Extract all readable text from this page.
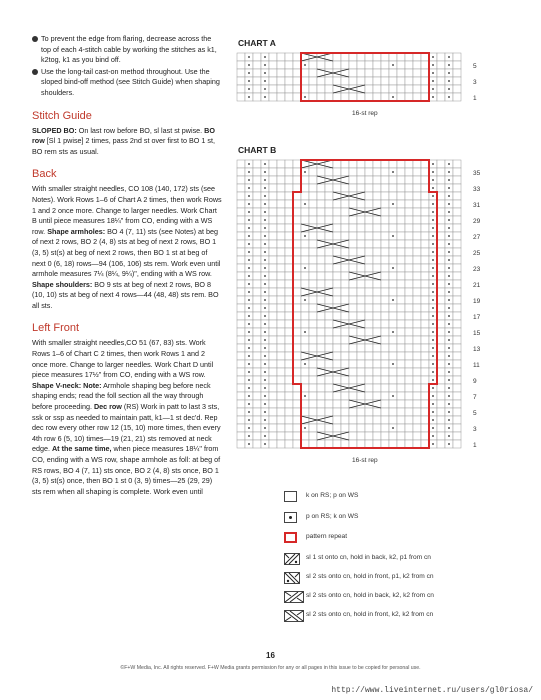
To prevent the edge from flaring, decrease across the top of each 4-stitch cable by working the stitches as k1, k2tog, k1 as you bind off.
Use the long-tail cast-on method throughout. Use the sloped bind-off method (see Stitch Guide) when shaping shoulders.
Stitch Guide

SLOPED BO: On last row before BO, sl last st pwise. BO row [Sl 1 pwise] 2 times, pass 2nd st over first to BO 1 st, BO rem sts as usual.

Back

With smaller straight needles, CO 108 (140, 172) sts (see Notes). Work Rows 1–6 of Chart A 2 times, then work Rows 1 and 2 once more. Change to larger needles. Work Chart B until piece measures 18¼" from CO, ending with a WS row. Shape armholes: BO 4 (7, 11) sts (see Notes) at beg of next 2 rows, BO 2 (4, 8) sts at beg of next 2 rows, BO 1 (3, 5) st(s) at beg of next 2 rows, then BO 1 st at beg of next 0 (6, 18) rows—94 (106, 106) sts rem. Work even until armhole measures 7¼ (8¼, 9¼)", ending with a WS row. Shape shoulders: BO 9 sts at beg of next 2 rows, BO 8 (10, 10) sts at beg of next 4 rows—44 (48, 48) sts rem. BO all sts.

Left Front

With smaller straight needles,CO 51 (67, 83) sts. Work Rows 1–6 of Chart C 2 times, then work Rows 1 and 2 once more. Change to larger needles. Work Chart D until piece measures 17½" from CO, ending with a WS row. Shape V-neck: Note: Armhole shaping beg before neck shaping ends; read the foll section all the way through before proceeding. Dec row (RS) Work in patt to last 3 sts, ssk or ssp as needed to maintain patt, k1—1 st dec'd. Rep dec row every other row 12 (15, 10) more times, then every 4th row 6 (5, 10) times—19 (21, 21) sts removed at neck edge. At the same time, when piece measures 18¼" from CO, ending with a WS row, shape armhole as foll: at beg of RS rows, BO 4 (7, 11) sts once, BO 2 (4, 8) sts once, BO 1 (3, 5) st(s) once, then BO 1 st 0 (3, 9) times—25 (29, 29) sts rem when all shaping is complete. Work even until

CHART A
5
3
1
16-st rep
CHART B
35
33
31
29
27
25
23
21
19
17
15
13
11
9
7
5
3
1
16-st rep
k on RS; p on WS
p on RS; k on WS
pattern repeat
sl 1 st onto cn, hold in back, k2, p1 from cn
sl 2 sts onto cn, hold in front, p1, k2 from cn
sl 2 sts onto cn, hold in back, k2, k2 from cn
sl 2 sts onto cn, hold in front, k2, k2 from cn
16
©F+W Media, Inc. All rights reserved. F+W Media grants permission for any or all pages in this issue to be copied for personal use.
http://www.liveinternet.ru/users/gl0riosa/
